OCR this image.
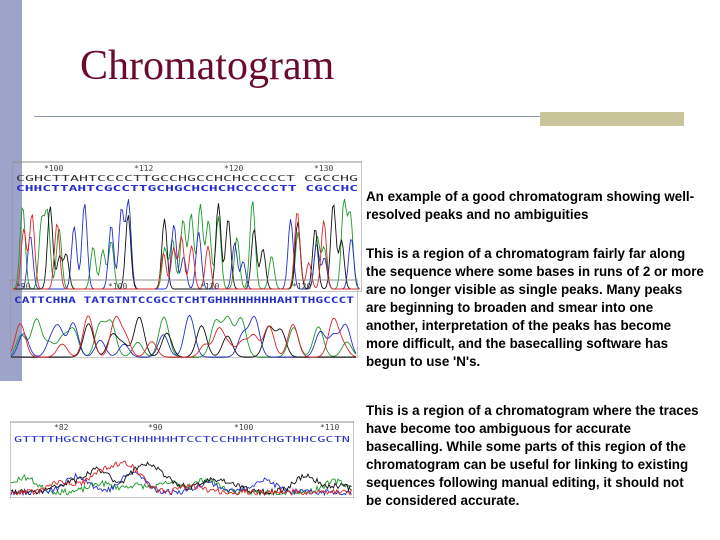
Chromatogram
*100	*112	*120	*130
CGHCTTAHTCCCCTTGCCHGCCHCHCCCCCT CGCCHG
CHHCTTAHTCGCCTTGCHGCHCHCHCCCCCTT CGCCHC
An example of a good chromatogram showing well-resolved peaks and no ambiguities
*90	*100	*110	*120
CATTCHHA TATGTNTCCGCCTCHTGHHHHHHHHAHTTHGCCCT
This is a region of a chromatogram fairly far along the sequence where some bases in runs of 2 or more are no longer visible as single peaks. Many peaks are beginning to broaden and smear into one another, interpretation of the peaks has become more difficult, and the basecalling software has begun to use 'N's.
*82	*90	*100	*110
GTTTTHGCNCHGTCHHHHHHTCCTCCHHHTCHGTHHCGCTN
This is a region of a chromatogram where the traces have become too ambiguous for accurate basecalling. While some parts of this region of the chromatogram can be useful for linking to existing sequences following manual editing, it should not be considered accurate.
